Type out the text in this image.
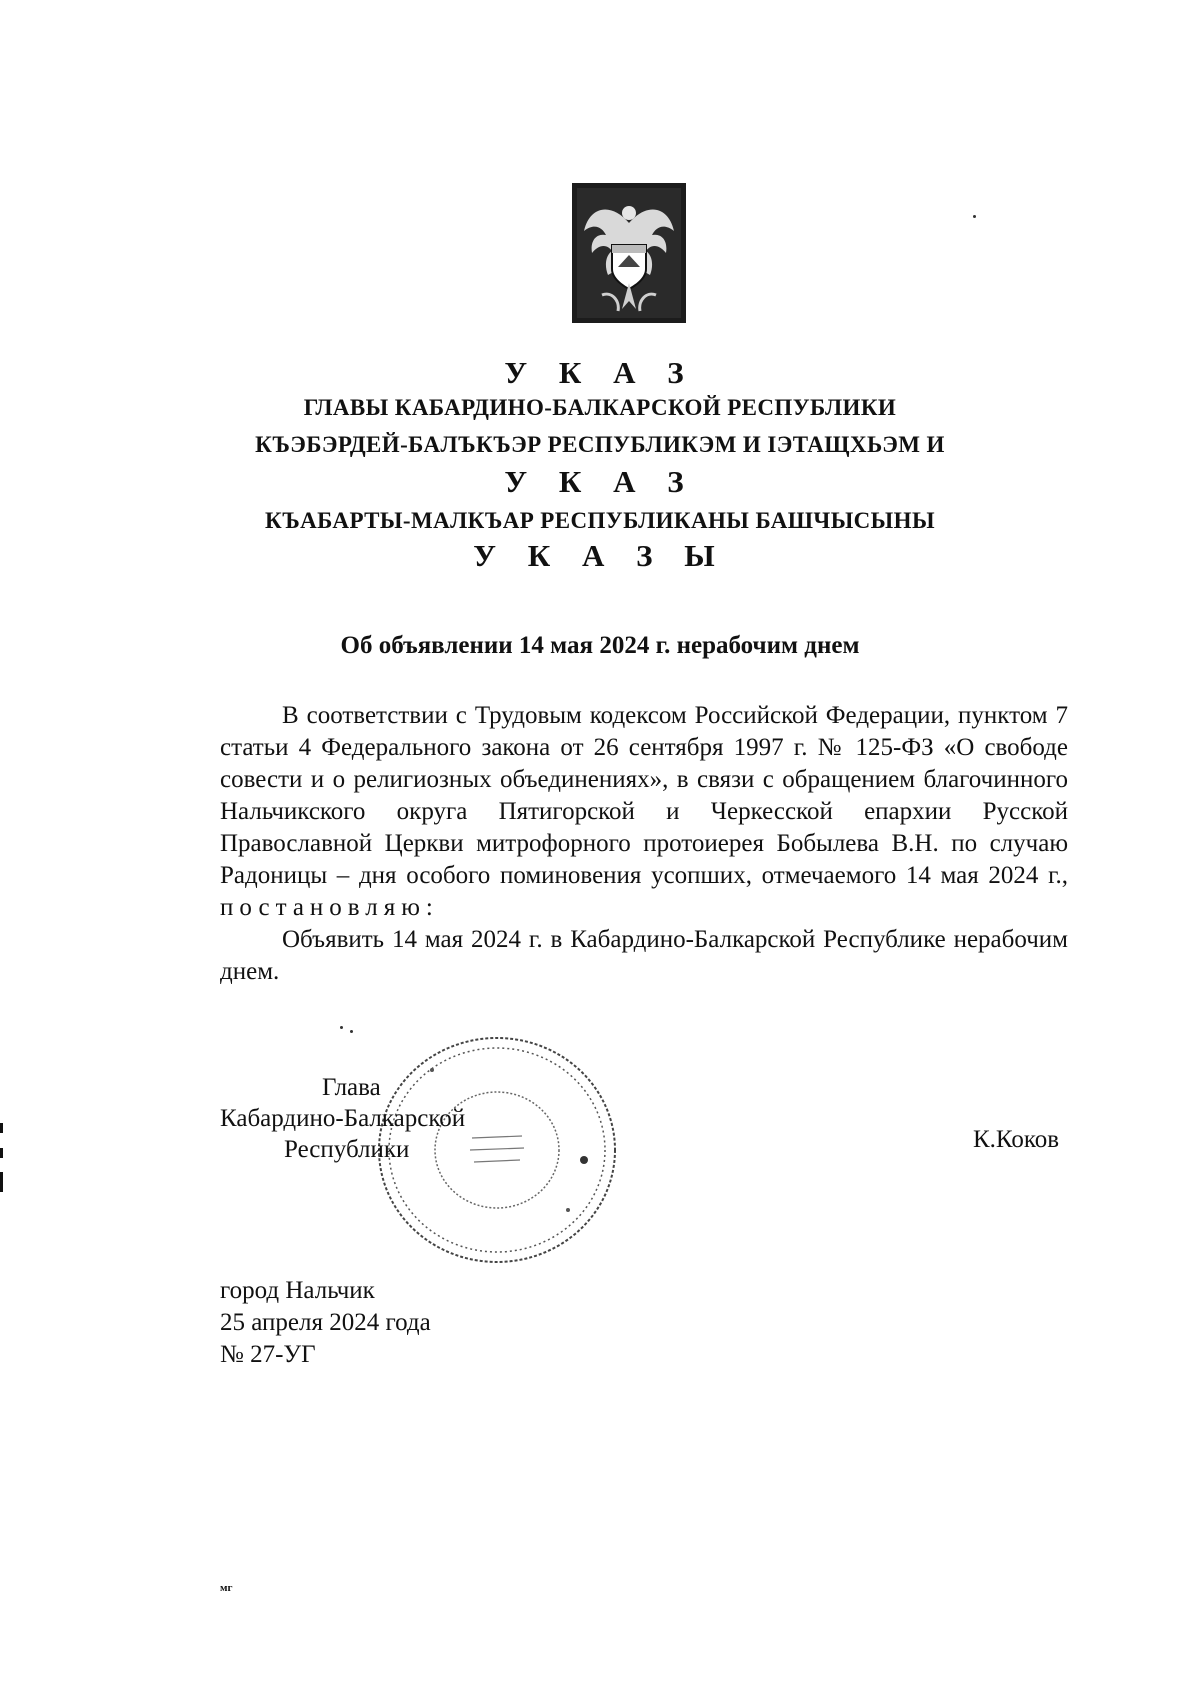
У К А З
ГЛАВЫ КАБАРДИНО-БАЛКАРСКОЙ РЕСПУБЛИКИ
КЪЭБЭРДЕЙ-БАЛЪКЪЭР РЕСПУБЛИКЭМ И IЭТАЩХЬЭМ И
У К А З
КЪАБАРТЫ-МАЛКЪАР РЕСПУБЛИКАНЫ БАШЧЫСЫНЫ
У К А З Ы
Об объявлении 14 мая 2024 г. нерабочим днем

В соответствии с Трудовым кодексом Российской Федерации, пунктом 7 статьи 4 Федерального закона от 26 сентября 1997 г. № 125-ФЗ «О свободе совести и о религиозных объединениях», в связи с обращением благочинного Нальчикского округа Пятигорской и Черкесской епархии Русской Православной Церкви митрофорного протоиерея Бобылева В.Н. по случаю Радоницы – дня особого поминовения усопших, отмечаемого 14 мая 2024 г., постановляю:

Объявить 14 мая 2024 г. в Кабардино-Балкарской Республике нерабочим днем.

Глава
Кабардино-Балкарской
Республики	К.Коков
город Нальчик
25 апреля 2024 года
№ 27-УГ
мг
